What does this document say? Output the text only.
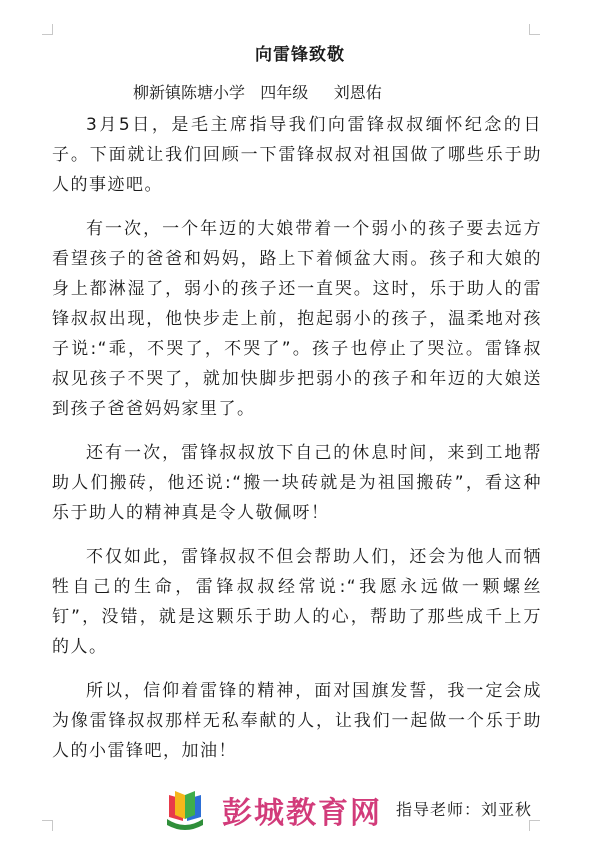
向雷锋致敬
柳新镇陈塘小学   四年级     刘恩佑

3月5日，是毛主席指导我们向雷锋叔叔缅怀纪念的日子。下面就让我们回顾一下雷锋叔叔对祖国做了哪些乐于助人的事迹吧。

有一次，一个年迈的大娘带着一个弱小的孩子要去远方看望孩子的爸爸和妈妈，路上下着倾盆大雨。孩子和大娘的身上都淋湿了，弱小的孩子还一直哭。这时，乐于助人的雷锋叔叔出现，他快步走上前，抱起弱小的孩子，温柔地对孩子说:“乖，不哭了，不哭了”。孩子也停止了哭泣。雷锋叔叔见孩子不哭了，就加快脚步把弱小的孩子和年迈的大娘送到孩子爸爸妈妈家里了。

还有一次，雷锋叔叔放下自己的休息时间，来到工地帮助人们搬砖，他还说:“搬一块砖就是为祖国搬砖”，看这种乐于助人的精神真是令人敬佩呀！

不仅如此，雷锋叔叔不但会帮助人们，还会为他人而牺牲自己的生命，雷锋叔叔经常说:“我愿永远做一颗螺丝钉”，没错，就是这颗乐于助人的心，帮助了那些成千上万的人。

所以，信仰着雷锋的精神，面对国旗发誓，我一定会成为像雷锋叔叔那样无私奉献的人，让我们一起做一个乐于助人的小雷锋吧，加油！

彭城教育网 指导老师：刘亚秋
